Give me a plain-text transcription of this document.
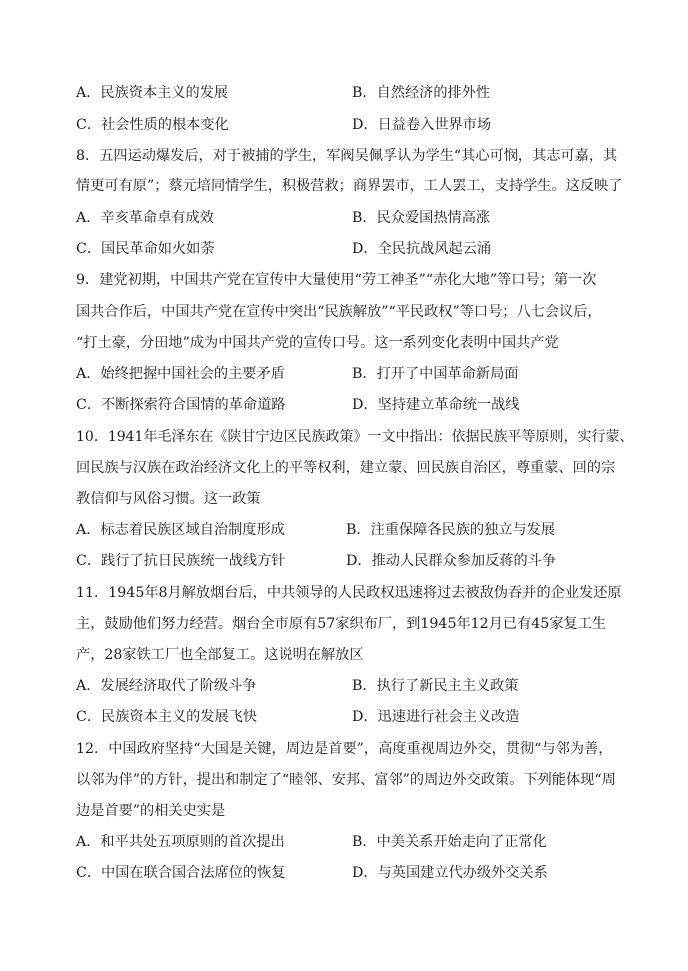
A．民族资本主义的发展	B．自然经济的排外性
C．社会性质的根本变化	D．日益卷入世界市场
8．五四运动爆发后，对于被捕的学生，军阀吴佩孚认为学生“其心可悯，其志可嘉，其
情更可有原”；蔡元培同情学生，积极营救；商界罢市，工人罢工，支持学生。这反映了
A．辛亥革命卓有成效	B．民众爱国热情高涨
C．国民革命如火如荼	D．全民抗战风起云涌
9．建党初期，中国共产党在宣传中大量使用“劳工神圣”“赤化大地”等口号；第一次
国共合作后，中国共产党在宣传中突出“民族解放”“平民政权”等口号；八七会议后，
“打土豪，分田地”成为中国共产党的宣传口号。这一系列变化表明中国共产党
A．始终把握中国社会的主要矛盾	B．打开了中国革命新局面
C．不断探索符合国情的革命道路	D．坚持建立革命统一战线
10．1941年毛泽东在《陕甘宁边区民族政策》一文中指出：依据民族平等原则，实行蒙、
回民族与汉族在政治经济文化上的平等权利，建立蒙、回民族自治区，尊重蒙、回的宗
教信仰与风俗习惯。这一政策
A．标志着民族区域自治制度形成	B．注重保障各民族的独立与发展
C．践行了抗日民族统一战线方针	D．推动人民群众参加反蒋的斗争
11．1945年8月解放烟台后，中共领导的人民政权迅速将过去被敌伪吞并的企业发还原
主，鼓励他们努力经营。烟台全市原有57家织布厂，到1945年12月已有45家复工生
产，28家铁工厂也全部复工。这说明在解放区
A．发展经济取代了阶级斗争	B．执行了新民主主义政策
C．民族资本主义的发展飞快	D．迅速进行社会主义改造
12．中国政府坚持“大国是关键，周边是首要”，高度重视周边外交，贯彻“与邻为善，
以邻为伴”的方针，提出和制定了“睦邻、安邦、富邻”的周边外交政策。下列能体现“周
边是首要”的相关史实是
A．和平共处五项原则的首次提出	B．中美关系开始走向了正常化
C．中国在联合国合法席位的恢复	D．与英国建立代办级外交关系
